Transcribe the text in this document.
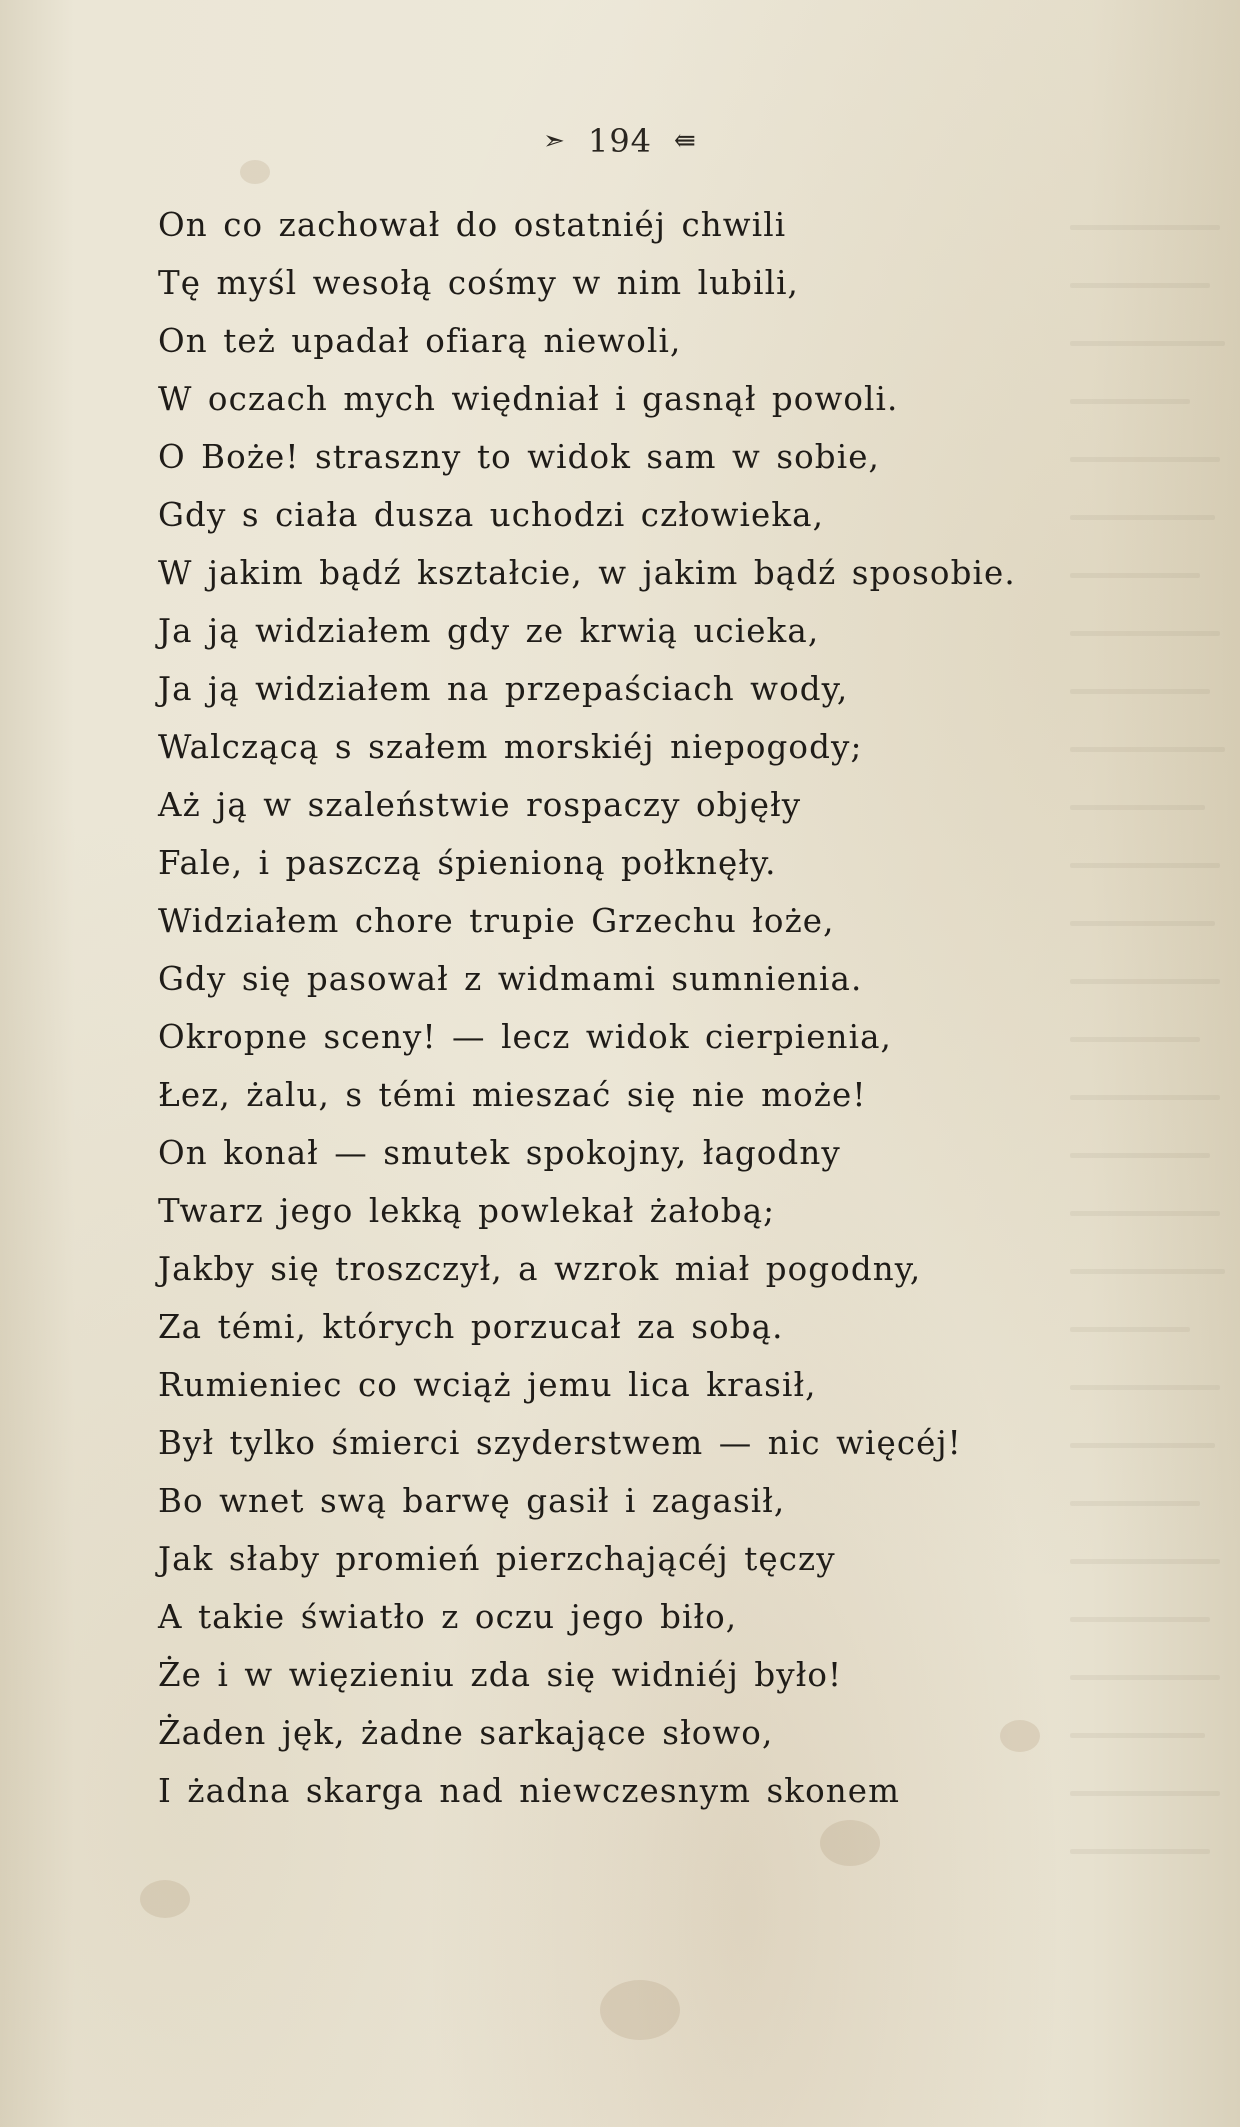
➣ 194 ⇚
On co zachował do ostatniéj chwili
Tę myśl wesołą cośmy w nim lubili,
On też upadał ofiarą niewoli,
W oczach mych więdniał i gasnął powoli.
O Boże! straszny to widok sam w sobie,
Gdy s ciała dusza uchodzi człowieka,
W jakim bądź kształcie, w jakim bądź sposobie.
Ja ją widziałem gdy ze krwią ucieka,
Ja ją widziałem na przepaściach wody,
Walczącą s szałem morskiéj niepogody;
Aż ją w szaleństwie rospaczy objęły
Fale, i paszczą śpienioną połknęły.
Widziałem chore trupie Grzechu łoże,
Gdy się pasował z widmami sumnienia.
Okropne sceny! — lecz widok cierpienia,
Łez, żalu, s témi mieszać się nie może!
On konał — smutek spokojny, łagodny
Twarz jego lekką powlekał żałobą;
Jakby się troszczył, a wzrok miał pogodny,
Za témi, których porzucał za sobą.
Rumieniec co wciąż jemu lica krasił,
Był tylko śmierci szyderstwem — nic więcéj!
Bo wnet swą barwę gasił i zagasił,
Jak słaby promień pierzchającéj tęczy
A takie światło z oczu jego biło,
Że i w więzieniu zda się widniéj było!
Żaden jęk, żadne sarkające słowo,
I żadna skarga nad niewczesnym skonem
